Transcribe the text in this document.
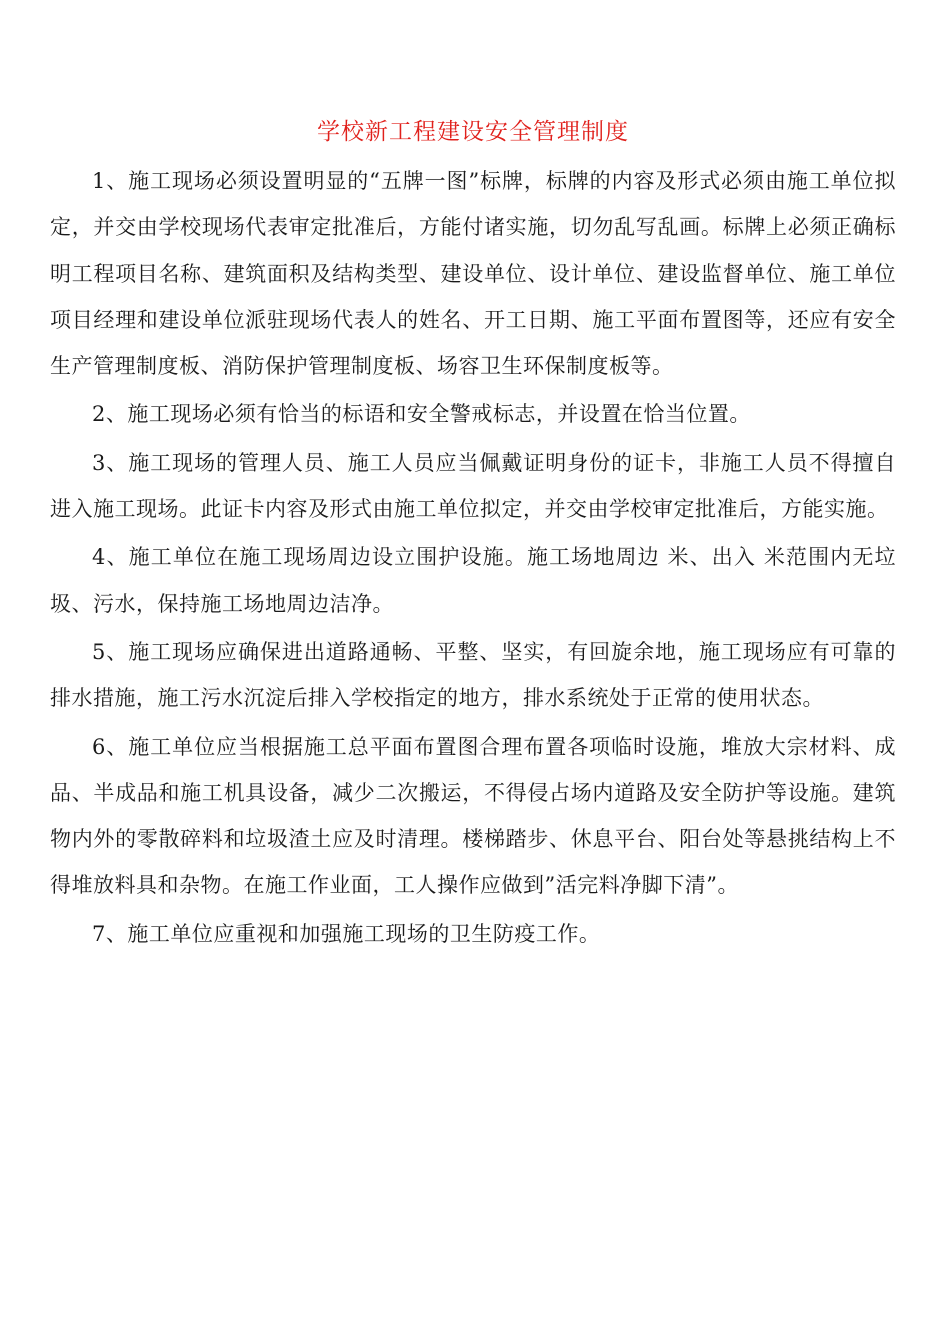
学校新工程建设安全管理制度

1、施工现场必须设置明显的“五牌一图”标牌，标牌的内容及形式必须由施工单位拟定，并交由学校现场代表审定批准后，方能付诸实施，切勿乱写乱画。标牌上必须正确标明工程项目名称、建筑面积及结构类型、建设单位、设计单位、建设监督单位、施工单位项目经理和建设单位派驻现场代表人的姓名、开工日期、施工平面布置图等，还应有安全生产管理制度板、消防保护管理制度板、场容卫生环保制度板等。

2、施工现场必须有恰当的标语和安全警戒标志，并设置在恰当位置。

3、施工现场的管理人员、施工人员应当佩戴证明身份的证卡，非施工人员不得擅自进入施工现场。此证卡内容及形式由施工单位拟定，并交由学校审定批准后，方能实施。

4、施工单位在施工现场周边设立围护设施。施工场地周边 米、出入 米范围内无垃圾、污水，保持施工场地周边洁净。

5、施工现场应确保进出道路通畅、平整、坚实，有回旋余地，施工现场应有可靠的排水措施，施工污水沉淀后排入学校指定的地方，排水系统处于正常的使用状态。

6、施工单位应当根据施工总平面布置图合理布置各项临时设施，堆放大宗材料、成品、半成品和施工机具设备，减少二次搬运，不得侵占场内道路及安全防护等设施。建筑物内外的零散碎料和垃圾渣土应及时清理。楼梯踏步、休息平台、阳台处等悬挑结构上不得堆放料具和杂物。在施工作业面，工人操作应做到”活完料净脚下清”。

7、施工单位应重视和加强施工现场的卫生防疫工作。
